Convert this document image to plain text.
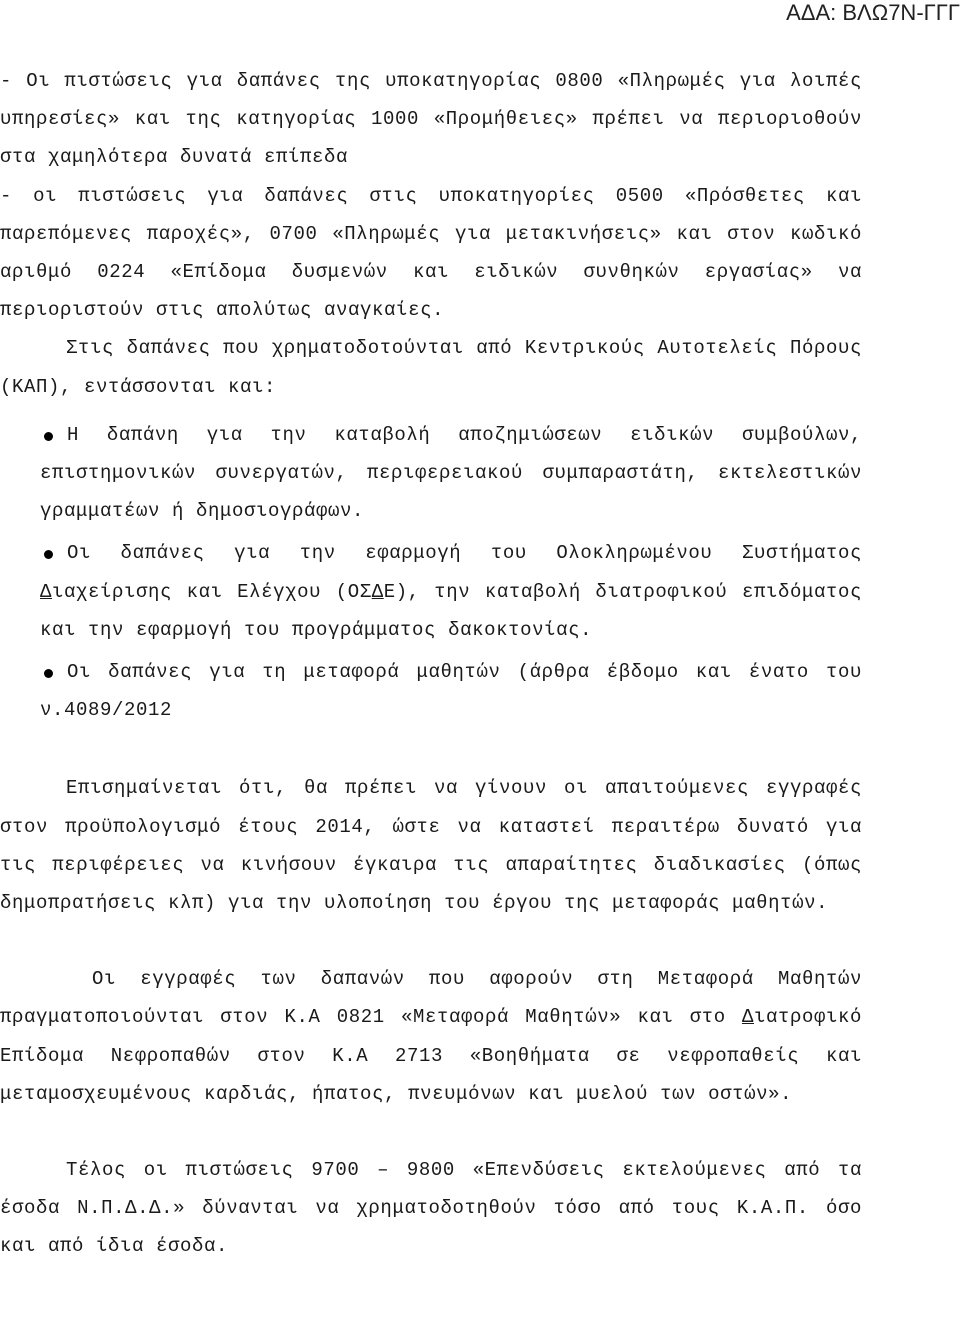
ΑΔΑ: ΒΛΩ7Ν-ΓΓΓ

- Οι πιστώσεις για δαπάνες της υποκατηγορίας 0800 «Πληρωμές για λοιπές υπηρεσίες» και της κατηγορίας 1000 «Προμήθειες» πρέπει να περιοριοθούν στα χαμηλότερα δυνατά επίπεδα

- οι πιστώσεις για δαπάνες στις υποκατηγορίες 0500 «Πρόσθετες και παρεπόμενες παροχές», 0700 «Πληρωμές για μετακινήσεις» και στον κωδικό αριθμό 0224 «Επίδομα δυσμενών και ειδικών συνθηκών εργασίας» να περιοριστούν στις απολύτως αναγκαίες.

Στις δαπάνες που χρηματοδοτούνται από Κεντρικούς Αυτοτελείς Πόρους (ΚΑΠ), εντάσσονται και:

Η δαπάνη για την καταβολή αποζημιώσεων ειδικών συμβούλων, επιστημονικών συνεργατών, περιφερειακού συμπαραστάτη, εκτελεστικών γραμματέων ή δημοσιογράφων.
Οι δαπάνες για την εφαρμογή του Ολοκληρωμένου Συστήματος Διαχείρισης και Ελέγχου (ΟΣΔΕ), την καταβολή διατροφικού επιδόματος και την εφαρμογή του προγράμματος δακοκτονίας.
Οι δαπάνες για τη μεταφορά μαθητών (άρθρα έβδομο και ένατο του ν.4089/2012

Επισημαίνεται ότι, θα πρέπει να γίνουν οι απαιτούμενες εγγραφές στον προϋπολογισμό έτους 2014, ώστε να καταστεί περαιτέρω δυνατό για τις περιφέρειες να κινήσουν έγκαιρα τις απαραίτητες διαδικασίες (όπως δημοπρατήσεις κλπ) για την υλοποίηση του έργου της μεταφοράς μαθητών.

Οι εγγραφές των δαπανών που αφορούν στη Μεταφορά Μαθητών πραγματοποιούνται στον Κ.Α 0821 «Μεταφορά Μαθητών» και στο Διατροφικό Επίδομα Νεφροπαθών στον Κ.Α 2713 «Βοηθήματα σε νεφροπαθείς και μεταμοσχευμένους καρδιάς, ήπατος, πνευμόνων και μυελού των οστών».

Τέλος οι πιστώσεις 9700 – 9800 «Επενδύσεις εκτελούμενες από τα έσοδα Ν.Π.Δ.Δ.» δύνανται να χρηματοδοτηθούν τόσο από τους Κ.Α.Π. όσο και από ίδια έσοδα.
